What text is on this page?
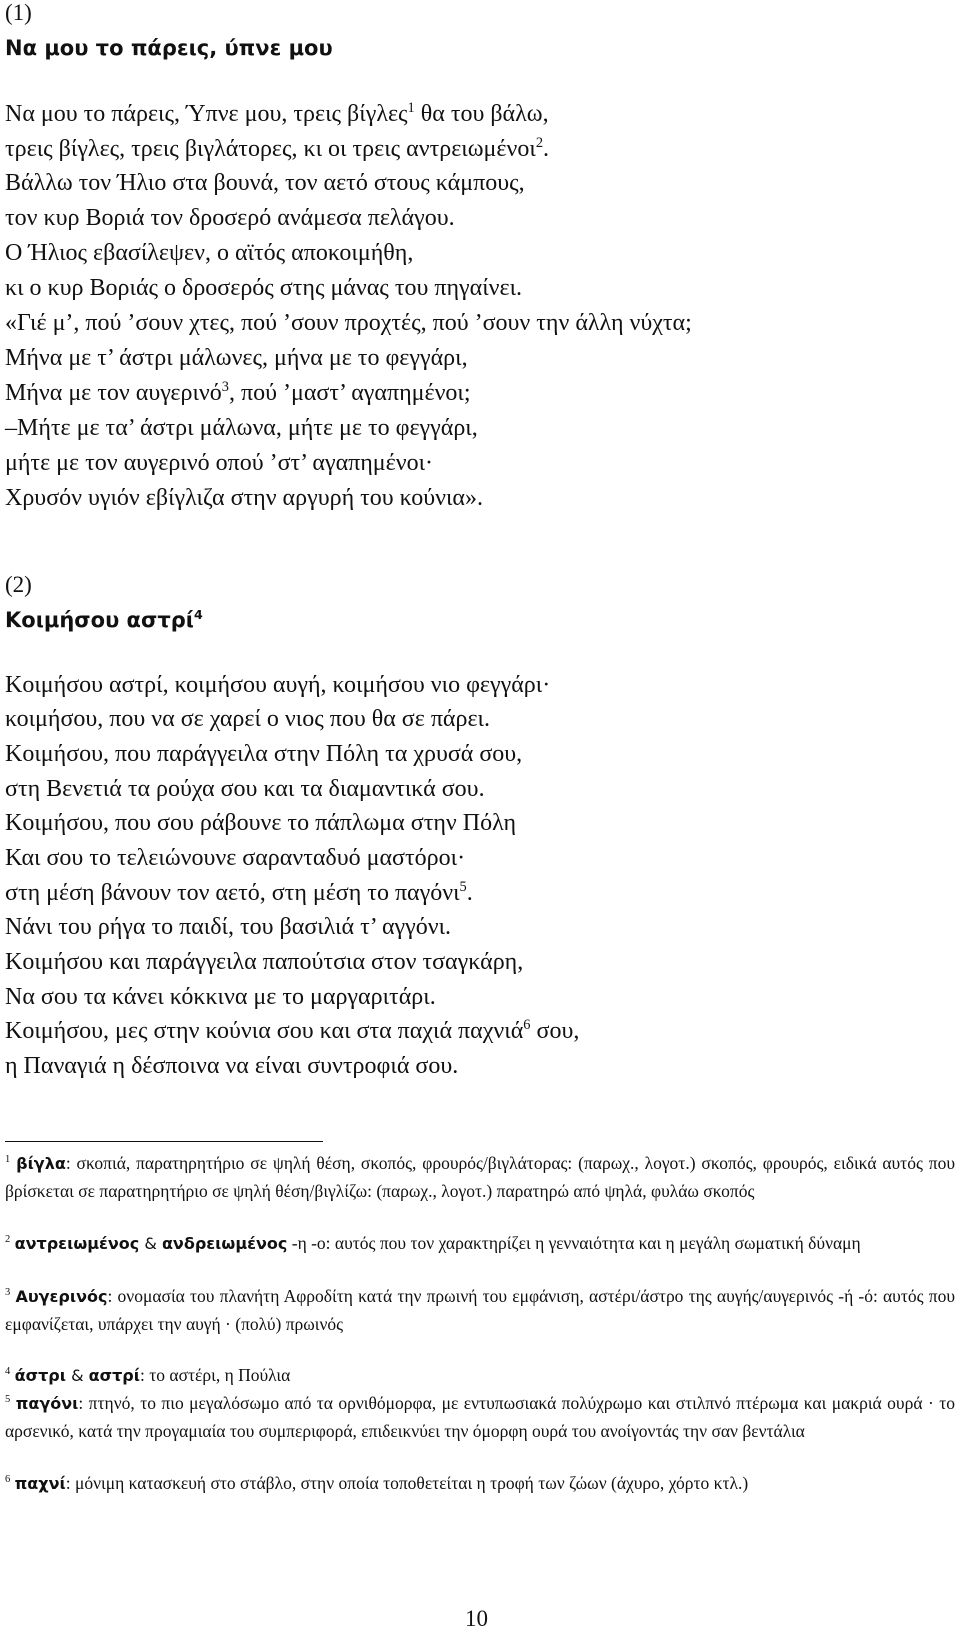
(1)
Να μου το πάρεις, ύπνε μου
Να μου το πάρεις, Ύπνε μου, τρεις βίγλες$^1$ θα του βάλω,
τρεις βίγλες, τρεις βιγλάτορες, κι οι τρεις αντρειωμένοι$^2$.
Βάλλω τον Ήλιο στα βουνά, τον αετό στους κάμπους,
τον κυρ Βοριά τον δροσερό ανάμεσα πελάγου.
Ο Ήλιος εβασίλεψεν, ο αϊτός αποκοιμήθη,
κι ο κυρ Βοριάς ο δροσερός στης μάνας του πηγαίνει.
«Γιέ μ’, πού ’σουν χτες, πού ’σουν προχτές, πού ’σουν την άλλη νύχτα;
Μήνα με τ’ άστρι μάλωνες, μήνα με το φεγγάρι,
Μήνα με τον αυγερινό$^3$, πού ’μαστ’ αγαπημένοι;
–Μήτε με τα’ άστρι μάλωνα, μήτε με το φεγγάρι,
μήτε με τον αυγερινό οπού ’στ’ αγαπημένοι·
Χρυσόν υγιόν εβίγλιζα στην αργυρή του κούνια».
(2)
Κοιμήσου αστρί$^4$
Κοιμήσου αστρί, κοιμήσου αυγή, κοιμήσου νιο φεγγάρι·
κοιμήσου, που να σε χαρεί ο νιος που θα σε πάρει.
Κοιμήσου, που παράγγειλα στην Πόλη τα χρυσά σου,
στη Βενετιά τα ρούχα σου και τα διαμαντικά σου.
Κοιμήσου, που σου ράβουνε το πάπλωμα στην Πόλη
Και σου το τελειώνουνε σαρανταδυό μαστόροι·
στη μέση βάνουν τον αετό, στη μέση το παγόνι$^5$.
Νάνι του ρήγα το παιδί, του βασιλιά τ’ αγγόνι.
Κοιμήσου και παράγγειλα παπούτσια στον τσαγκάρη,
Να σου τα κάνει κόκκινα με το μαργαριτάρι.
Κοιμήσου, μες στην κούνια σου και στα παχιά παχνιά$^6$ σου,
η Παναγιά η δέσποινα να είναι συντροφιά σου.
$^1$ βίγλα: σκοπιά, παρατηρητήριο σε ψηλή θέση, σκοπός, φρουρός/βιγλάτορας: (παρωχ., λογοτ.) σκοπός, φρουρός, ειδικά αυτός που βρίσκεται σε παρατηρητήριο σε ψηλή θέση/βιγλίζω: (παρωχ., λογοτ.) παρατηρώ από ψηλά, φυλάω σκοπός
$^2$ αντρειωμένος & ανδρειωμένος -η -ο: αυτός που τον χαρακτηρίζει η γενναιότητα και η μεγάλη σωματική δύναμη
$^3$ Αυγερινός: ονομασία του πλανήτη Αφροδίτη κατά την πρωινή του εμφάνιση, αστέρι/άστρο της αυγής/αυγερινός -ή -ό: αυτός που εμφανίζεται, υπάρχει την αυγή · (πολύ) πρωινός
$^4$ άστρι & αστρί: το αστέρι, η Πούλια
$^5$ παγόνι: πτηνό, το πιο μεγαλόσωμο από τα ορνιθόμορφα, με εντυπωσιακά πολύχρωμο και στιλπνό πτέρωμα και μακριά ουρά · το αρσενικό, κατά την προγαμιαία του συμπεριφορά, επιδεικνύει την όμορφη ουρά του ανοίγοντάς την σαν βεντάλια
$^6$ παχνί: μόνιμη κατασκευή στο στάβλο, στην οποία τοποθετείται η τροφή των ζώων (άχυρο, χόρτο κτλ.)
10
